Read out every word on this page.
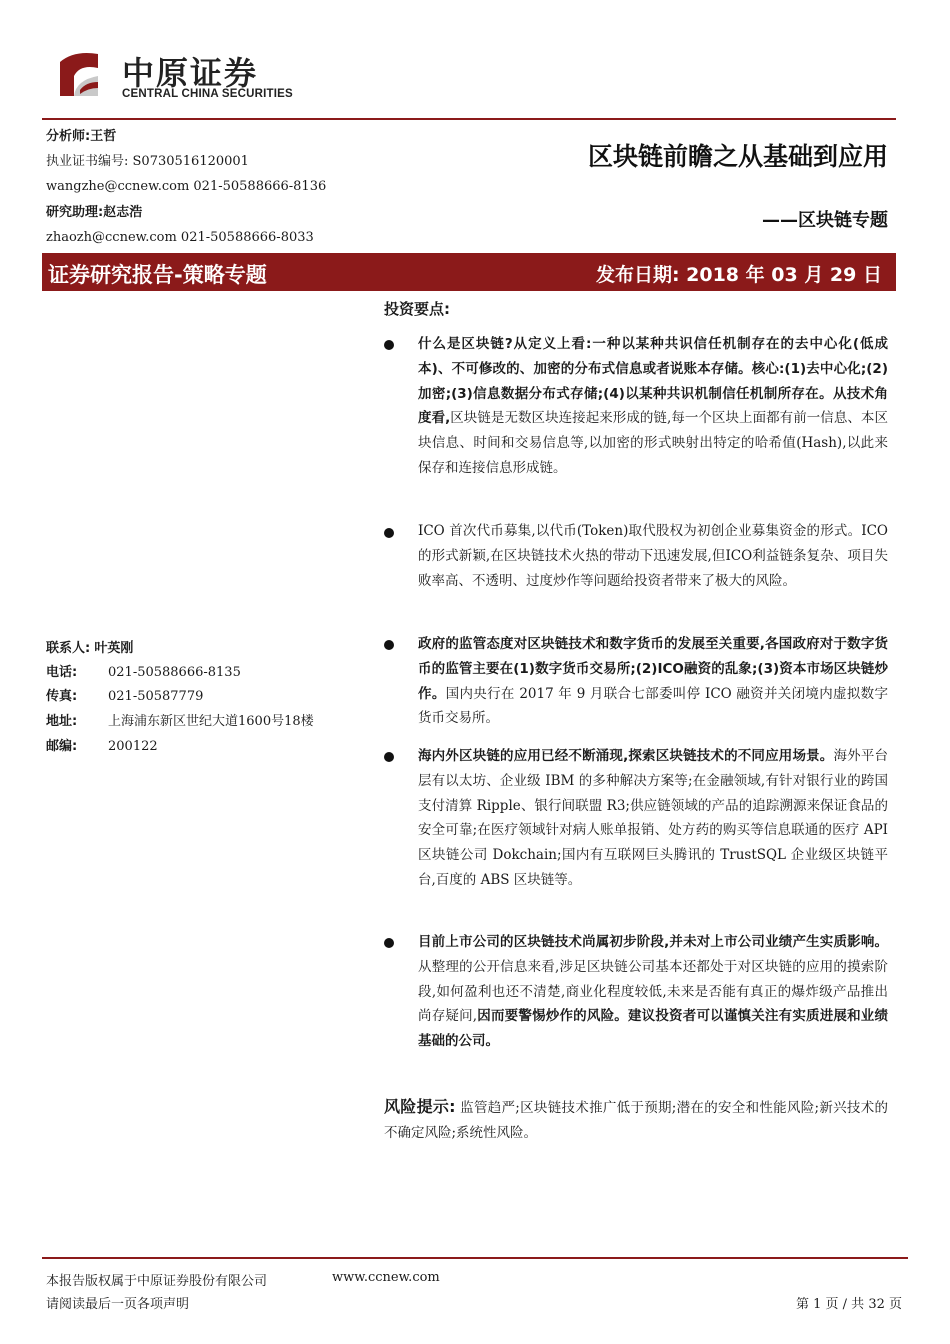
中原证券
CENTRAL CHINA SECURITIES
分析师:王哲
执业证书编号: S0730516120001
wangzhe@ccnew.com 021-50588666-8136
研究助理:赵志浩
zhaozh@ccnew.com 021-50588666-8033
区块链前瞻之从基础到应用
——区块链专题
证券研究报告-策略专题	发布日期: 2018 年 03 月 29 日
联系人: 叶英刚
电话: 021-50588666-8135
传真: 021-50587779
地址: 上海浦东新区世纪大道1600号18楼
邮编: 200122
投资要点:
什么是区块链?从定义上看:一种以某种共识信任机制存在的去中心化(低成本)、不可修改的、加密的分布式信息或者说账本存储。核心:(1)去中心化;(2)加密;(3)信息数据分布式存储;(4)以某种共识机制信任机制所存在。从技术角度看,区块链是无数区块连接起来形成的链,每一个区块上面都有前一信息、本区块信息、时间和交易信息等,以加密的形式映射出特定的哈希值(Hash),以此来保存和连接信息形成链。
ICO 首次代币募集,以代币(Token)取代股权为初创企业募集资金的形式。ICO的形式新颖,在区块链技术火热的带动下迅速发展,但ICO利益链条复杂、项目失败率高、不透明、过度炒作等问题给投资者带来了极大的风险。
政府的监管态度对区块链技术和数字货币的发展至关重要,各国政府对于数字货币的监管主要在(1)数字货币交易所;(2)ICO融资的乱象;(3)资本市场区块链炒作。国内央行在 2017 年 9 月联合七部委叫停 ICO 融资并关闭境内虚拟数字货币交易所。
海内外区块链的应用已经不断涌现,探索区块链技术的不同应用场景。海外平台层有以太坊、企业级 IBM 的多种解决方案等;在金融领域,有针对银行业的跨国支付清算 Ripple、银行间联盟 R3;供应链领域的产品的追踪溯源来保证食品的安全可靠;在医疗领域针对病人账单报销、处方药的购买等信息联通的医疗 API 区块链公司 Dokchain;国内有互联网巨头腾讯的 TrustSQL 企业级区块链平台,百度的 ABS 区块链等。
目前上市公司的区块链技术尚属初步阶段,并未对上市公司业绩产生实质影响。从整理的公开信息来看,涉足区块链公司基本还都处于对区块链的应用的摸索阶段,如何盈利也还不清楚,商业化程度较低,未来是否能有真正的爆炸级产品推出尚存疑问,因而要警惕炒作的风险。建议投资者可以谨慎关注有实质进展和业绩基础的公司。
风险提示: 监管趋严;区块链技术推广低于预期;潜在的安全和性能风险;新兴技术的不确定风险;系统性风险。
本报告版权属于中原证券股份有限公司	www.ccnew.com
请阅读最后一页各项声明	第 1 页 / 共 32 页
